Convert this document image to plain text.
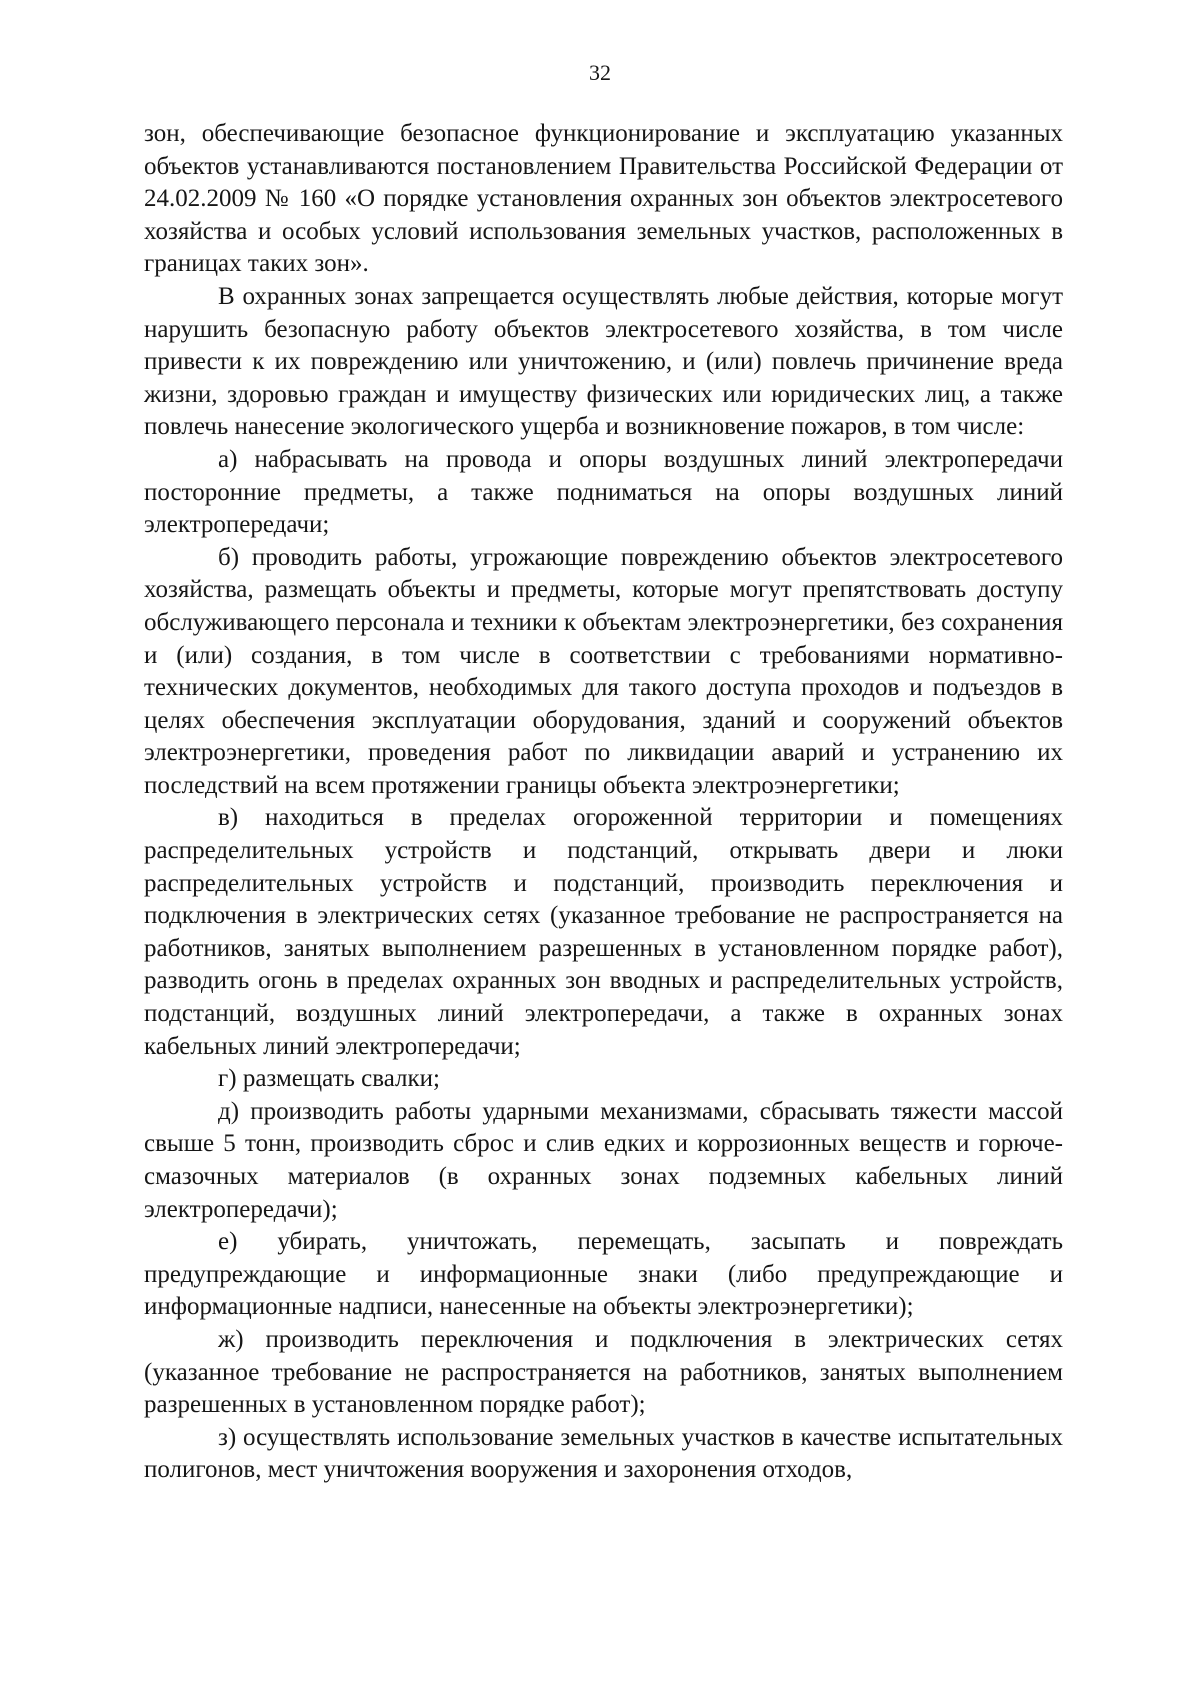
32

зон, обеспечивающие безопасное функционирование и эксплуатацию указанных объектов устанавливаются постановлением Правительства Российской Федерации от 24.02.2009 № 160 «О порядке установления охранных зон объектов электросетевого хозяйства и особых условий использования земельных участков, расположенных в границах таких зон».

В охранных зонах запрещается осуществлять любые действия, которые могут нарушить безопасную работу объектов электросетевого хозяйства, в том числе привести к их повреждению или уничтожению, и (или) повлечь причинение вреда жизни, здоровью граждан и имуществу физических или юридических лиц, а также повлечь нанесение экологического ущерба и возникновение пожаров, в том числе:

а) набрасывать на провода и опоры воздушных линий электропередачи посторонние предметы, а также подниматься на опоры воздушных линий электропередачи;

б) проводить работы, угрожающие повреждению объектов электросетевого хозяйства, размещать объекты и предметы, которые могут препятствовать доступу обслуживающего персонала и техники к объектам электроэнергетики, без сохранения и (или) создания, в том числе в соответствии с требованиями нормативно-технических документов, необходимых для такого доступа проходов и подъездов в целях обеспечения эксплуатации оборудования, зданий и сооружений объектов электроэнергетики, проведения работ по ликвидации аварий и устранению их последствий на всем протяжении границы объекта электроэнергетики;

в) находиться в пределах огороженной территории и помещениях распределительных устройств и подстанций, открывать двери и люки распределительных устройств и подстанций, производить переключения и подключения в электрических сетях (указанное требование не распространяется на работников, занятых выполнением разрешенных в установленном порядке работ), разводить огонь в пределах охранных зон вводных и распределительных устройств, подстанций, воздушных линий электропередачи, а также в охранных зонах кабельных линий электропередачи;

г) размещать свалки;

д) производить работы ударными механизмами, сбрасывать тяжести массой свыше 5 тонн, производить сброс и слив едких и коррозионных веществ и горюче-смазочных материалов (в охранных зонах подземных кабельных линий электропередачи);

е) убирать, уничтожать, перемещать, засыпать и повреждать предупреждающие и информационные знаки (либо предупреждающие и информационные надписи, нанесенные на объекты электроэнергетики);

ж) производить переключения и подключения в электрических сетях (указанное требование не распространяется на работников, занятых выполнением разрешенных в установленном порядке работ);

з) осуществлять использование земельных участков в качестве испытательных полигонов, мест уничтожения вооружения и захоронения отходов,
